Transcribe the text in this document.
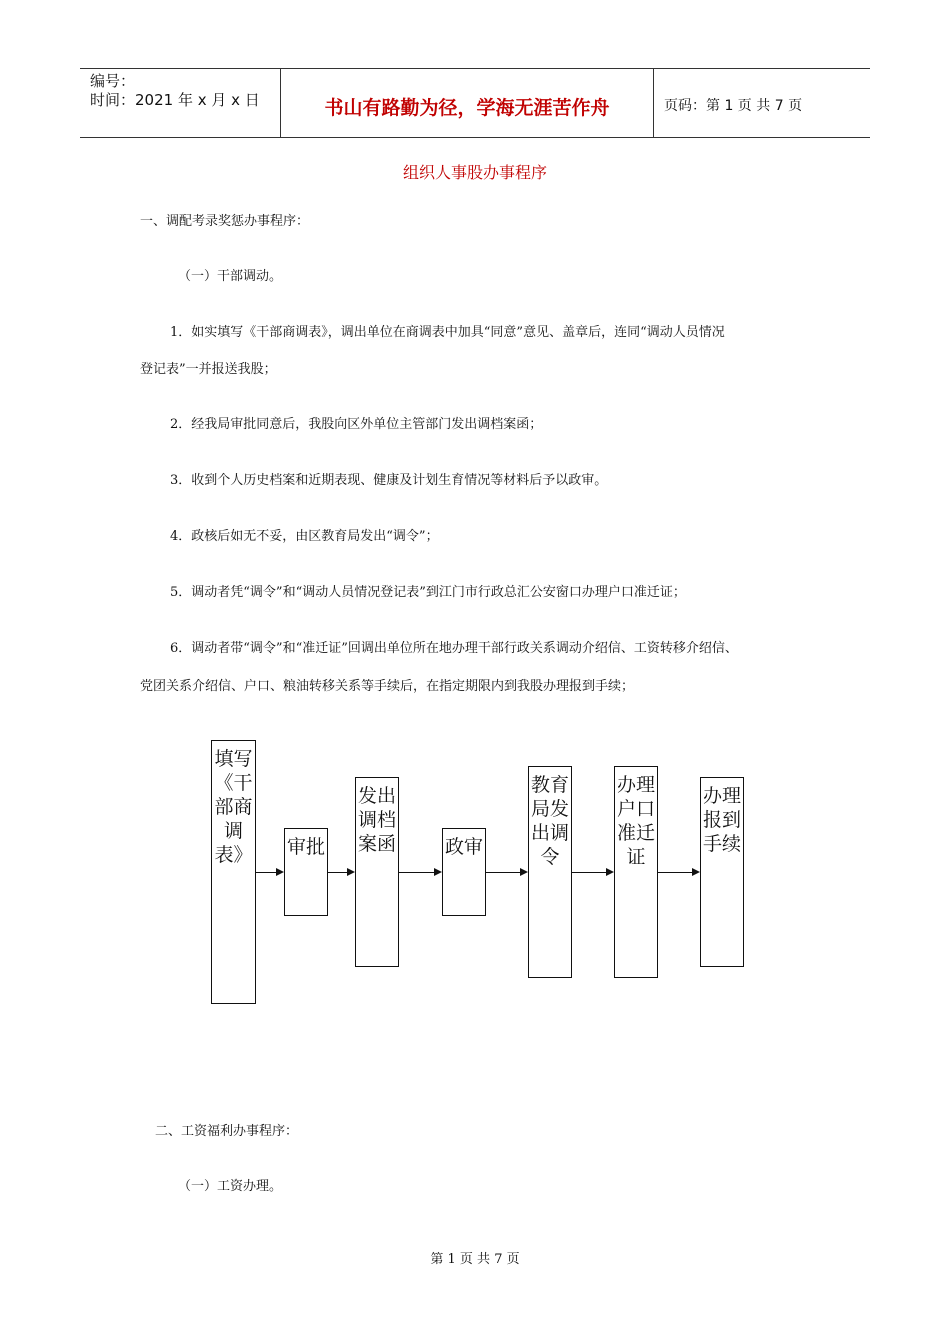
编号：
时间：2021 年 x 月 x 日	书山有路勤为径，学海无涯苦作舟	页码：第 1 页 共 7 页
组织人事股办事程序
一、调配考录奖惩办事程序：
（一）干部调动。
1．如实填写《干部商调表》，调出单位在商调表中加具“同意”意见、盖章后，连同“调动人员情况
登记表”一并报送我股；
2．经我局审批同意后，我股向区外单位主管部门发出调档案函；
3．收到个人历史档案和近期表现、健康及计划生育情况等材料后予以政审。
4．政核后如无不妥，由区教育局发出“调令”；
5．调动者凭“调令”和“调动人员情况登记表”到江门市行政总汇公安窗口办理户口准迁证；
6．调动者带“调令”和“准迁证”回调出单位所在地办理干部行政关系调动介绍信、工资转移介绍信、
党团关系介绍信、户口、粮油转移关系等手续后，在指定期限内到我股办理报到手续；
填写《干部商调表》 审批
发出调档案函	政审
教育局发出调令
办理户口准迁证
办理报到手续
二、工资福利办事程序：
（一）工资办理。
第 1 页 共 7 页
